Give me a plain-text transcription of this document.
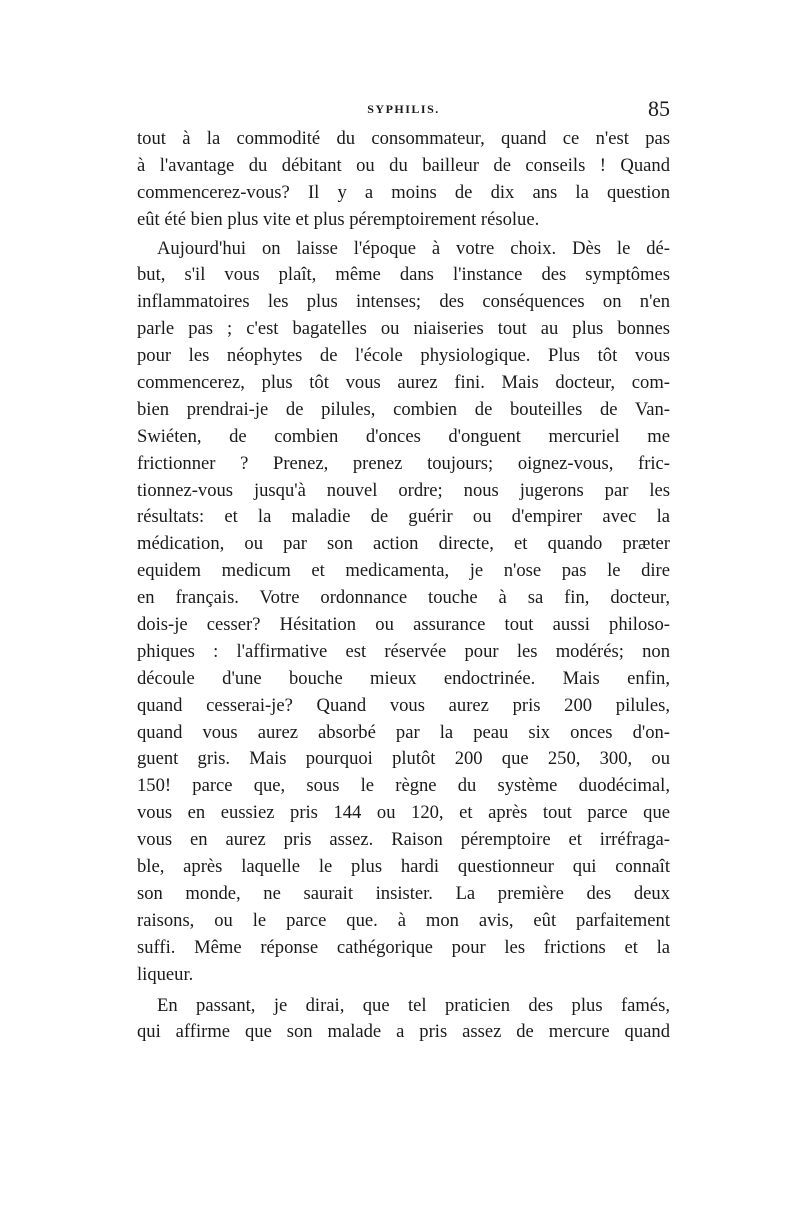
SYPHILIS.	85
tout à la commodité du consommateur, quand ce n'est pas
à l'avantage du débitant ou du bailleur de conseils ! Quand
commencerez-vous? Il y a moins de dix ans la question
eût été bien plus vite et plus péremptoirement résolue.
Aujourd'hui on laisse l'époque à votre choix. Dès le dé-
but, s'il vous plaît, même dans l'instance des symptômes
inflammatoires les plus intenses; des conséquences on n'en
parle pas ; c'est bagatelles ou niaiseries tout au plus bonnes
pour les néophytes de l'école physiologique. Plus tôt vous
commencerez, plus tôt vous aurez fini. Mais docteur, com-
bien prendrai-je de pilules, combien de bouteilles de Van-
Swiéten, de combien d'onces d'onguent mercuriel me
frictionner ? Prenez, prenez toujours; oignez-vous, fric-
tionnez-vous jusqu'à nouvel ordre; nous jugerons par les
résultats: et la maladie de guérir ou d'empirer avec la
médication, ou par son action directe, et quando præter
equidem medicum et medicamenta, je n'ose pas le dire
en français. Votre ordonnance touche à sa fin, docteur,
dois-je cesser? Hésitation ou assurance tout aussi philoso-
phiques : l'affirmative est réservée pour les modérés; non
découle d'une bouche mieux endoctrinée. Mais enfin,
quand cesserai-je? Quand vous aurez pris 200 pilules,
quand vous aurez absorbé par la peau six onces d'on-
guent gris. Mais pourquoi plutôt 200 que 250, 300, ou
150! parce que, sous le règne du système duodécimal,
vous en eussiez pris 144 ou 120, et après tout parce que
vous en aurez pris assez. Raison péremptoire et irréfraga-
ble, après laquelle le plus hardi questionneur qui connaît
son monde, ne saurait insister. La première des deux
raisons, ou le parce que. à mon avis, eût parfaitement
suffi. Même réponse cathégorique pour les frictions et la
liqueur.
En passant, je dirai, que tel praticien des plus famés,
qui affirme que son malade a pris assez de mercure quand
